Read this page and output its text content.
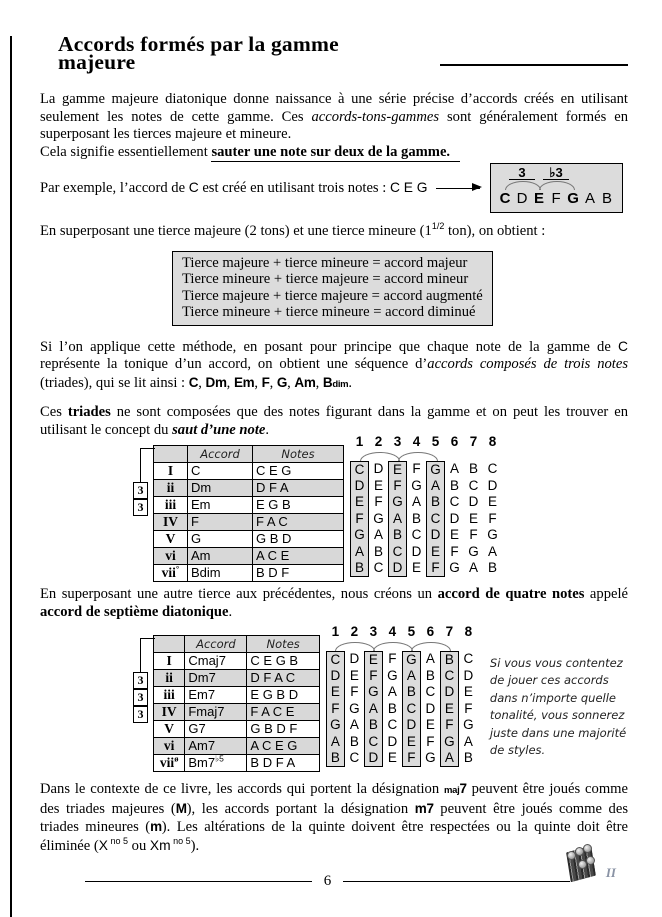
Accords formés par la gamme majeure

La gamme majeure diatonique donne naissance à une série précise d’accords créés en utilisant seulement les notes de cette gamme. Ces accords-tons-gammes sont généralement formés en superposant les tierces majeure et mineure.

Cela signifie essentiellement sauter une note sur deux de la gamme.

Par exemple, l’accord de C est créé en utilisant trois notes : C E G

3	♭3
C D E F G A B

En superposant une tierce majeure (2 tons) et une tierce mineure ($1^{1/2}$ ton), on obtient :

Tierce majeure + tierce mineure = accord majeur
Tierce mineure + tierce majeure = accord mineur
Tierce majeure + tierce majeure = accord augmenté
Tierce mineure + tierce mineure = accord diminué

Si l’on applique cette méthode, en posant pour principe que chaque note de la gamme de C représente la tonique d’un accord, on obtient une séquence d’accords composés de trois notes (triades), qui se lit ainsi : C, Dm, Em, F, G, Am, Bdim.

Ces triades ne sont composées que des notes figurant dans la gamme et on peut les trouver en utilisant le concept du saut d’une note.

	Accord	Notes
I	C	C E G
ii	Dm	D F A
iii	Em	E G B
IV	F	F A C
V	G	G B D
vi	Am	A C E
vii°	Bdim	B D F
3
3
1 2 3 4 5 6 7 8
C D E F G A B C
D E F G A B C D
E F G A B C D E
F G A B C D E F
G A B C D E F G
A B C D E F G A
B C D E F G A B

En superposant une autre tierce aux précédentes, nous créons un accord de quatre notes appelé accord de septième diatonique.

	Accord	Notes
I	Cmaj7	C E G B
ii	Dm7	D F A C
iii	Em7	E G B D
IV	Fmaj7	F A C E
V	G7	G B D F
vi	Am7	A C E G
vii$^ø$	$Bm7^{♭5}$	B D F A
3
3
3
1 2 3 4 5 6 7 8
C D E F G A B C
D E F G A B C D
E F G A B C D E
F G A B C D E F
G A B C D E F G
A B C D E F G A
B C D E F G A B
Si vous vous contentez de jouer ces accords dans n’importe quelle tonalité, vous sonnerez juste dans une majorité de styles.

Dans le contexte de ce livre, les accords qui portent la désignation maj7 peuvent être joués comme des triades majeures (M), les accords portant la désignation m7 peuvent être joués comme des triades mineures (m). Les altérations de la quinte doivent être respectées ou la quinte doit être éliminée (X $^{no 5}$ ou Xm $^{no 5}$).

6
II
